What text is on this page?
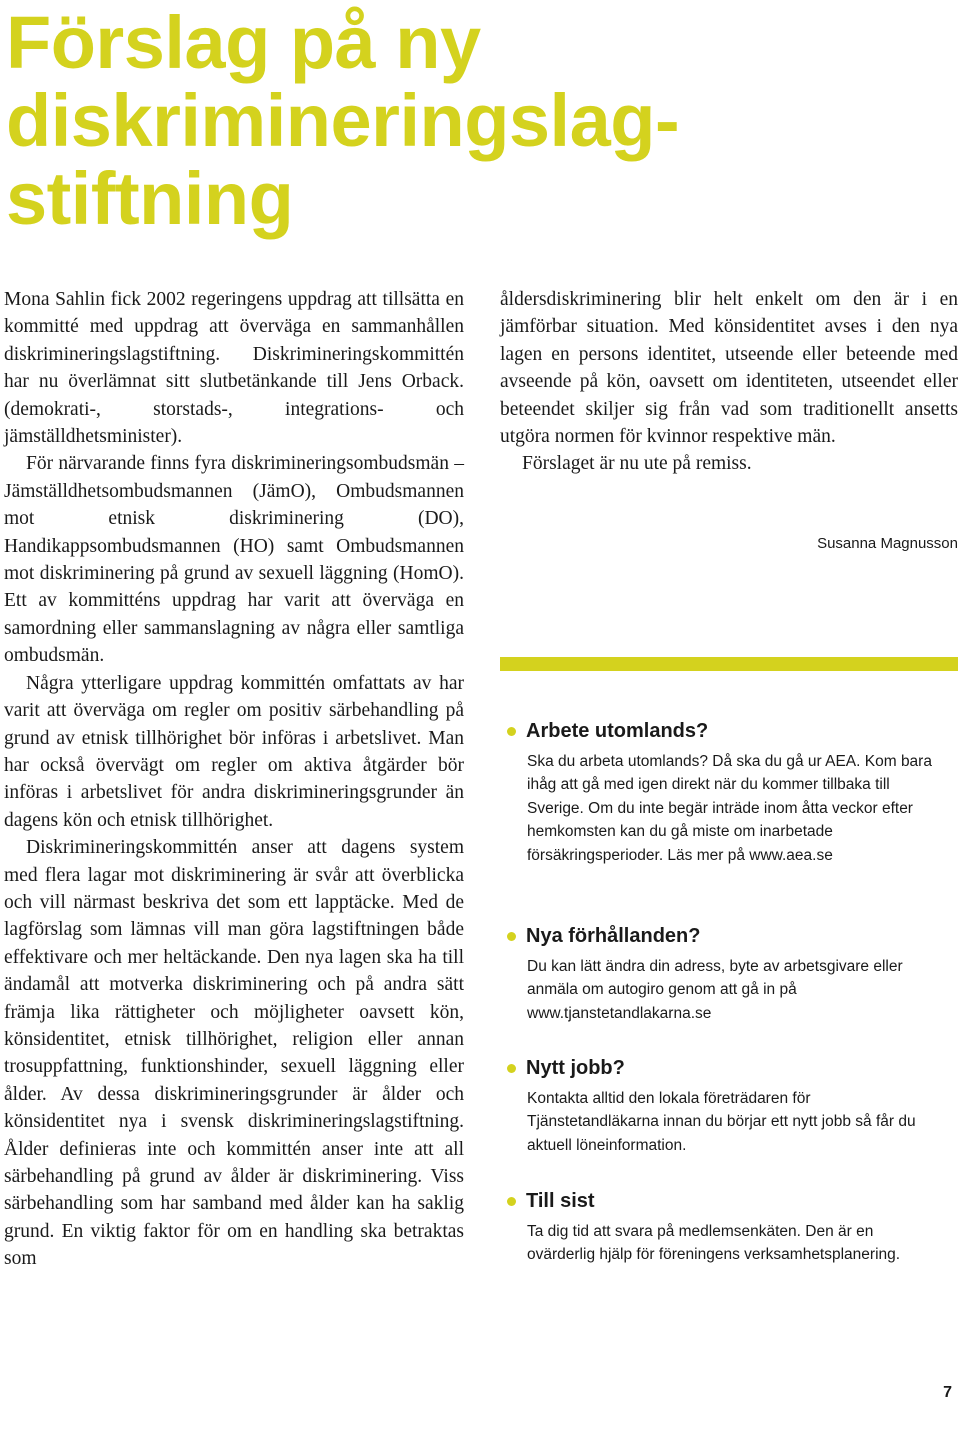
Förslag på ny
diskrimineringslag-
stiftning

Mona Sahlin fick 2002 regeringens uppdrag att tillsätta en kommitté med uppdrag att överväga en sammanhållen diskrimineringslagstiftning. Diskrimineringskommittén har nu överlämnat sitt slutbetänkande till Jens Orback. (demokrati-, storstads-, integrations- och jämställdhetsminister).

För närvarande finns fyra diskrimineringsombudsmän – Jämställdhetsombudsmannen (JämO), Ombudsmannen mot etnisk diskriminering (DO), Handikappsombudsmannen (HO) samt Ombudsmannen mot diskriminering på grund av sexuell läggning (HomO). Ett av kommitténs uppdrag har varit att överväga en samordning eller sammanslagning av några eller samtliga ombudsmän.

Några ytterligare uppdrag kommittén omfattats av har varit att överväga om regler om positiv särbehandling på grund av etnisk tillhörighet bör införas i arbetslivet. Man har också övervägt om regler om aktiva åtgärder bör införas i arbetslivet för andra diskrimineringsgrunder än dagens kön och etnisk tillhörighet.

Diskrimineringskommittén anser att dagens system med flera lagar mot diskriminering är svår att överblicka och vill närmast beskriva det som ett lapptäcke. Med de lagförslag som lämnas vill man göra lagstiftningen både effektivare och mer heltäckande. Den nya lagen ska ha till ändamål att motverka diskriminering och på andra sätt främja lika rättigheter och möjligheter oavsett kön, könsidentitet, etnisk tillhörighet, religion eller annan trosuppfattning, funktionshinder, sexuell läggning eller ålder. Av dessa diskrimineringsgrunder är ålder och könsidentitet nya i svensk diskrimineringslagstiftning. Ålder definieras inte och kommittén anser inte att all särbehandling på grund av ålder är diskriminering. Viss särbehandling som har samband med ålder kan ha saklig grund. En viktig faktor för om en handling ska betraktas som

åldersdiskriminering blir helt enkelt om den är i en jämförbar situation. Med könsidentitet avses i den nya lagen en persons identitet, utseende eller beteende med avseende på kön, oavsett om identiteten, utseendet eller beteendet skiljer sig från vad som traditionellt ansetts utgöra normen för kvinnor respektive män.

Förslaget är nu ute på remiss.

Susanna Magnusson
Arbete utomlands?

Ska du arbeta utomlands? Då ska du gå ur AEA. Kom bara ihåg att gå med igen direkt när du kommer tillbaka till Sverige. Om du inte begär inträde inom åtta veckor efter hemkomsten kan du gå miste om inarbetade försäkringsperioder. Läs mer på www.aea.se

Nya förhållanden?

Du kan lätt ändra din adress, byte av arbetsgivare eller anmäla om autogiro genom att gå in på www.tjanstetandlakarna.se

Nytt jobb?

Kontakta alltid den lokala företrädaren för Tjänstetandläkarna innan du börjar ett nytt jobb så får du aktuell löneinformation.

Till sist

Ta dig tid att svara på medlemsenkäten. Den är en ovärderlig hjälp för föreningens verksamhetsplanering.

7
